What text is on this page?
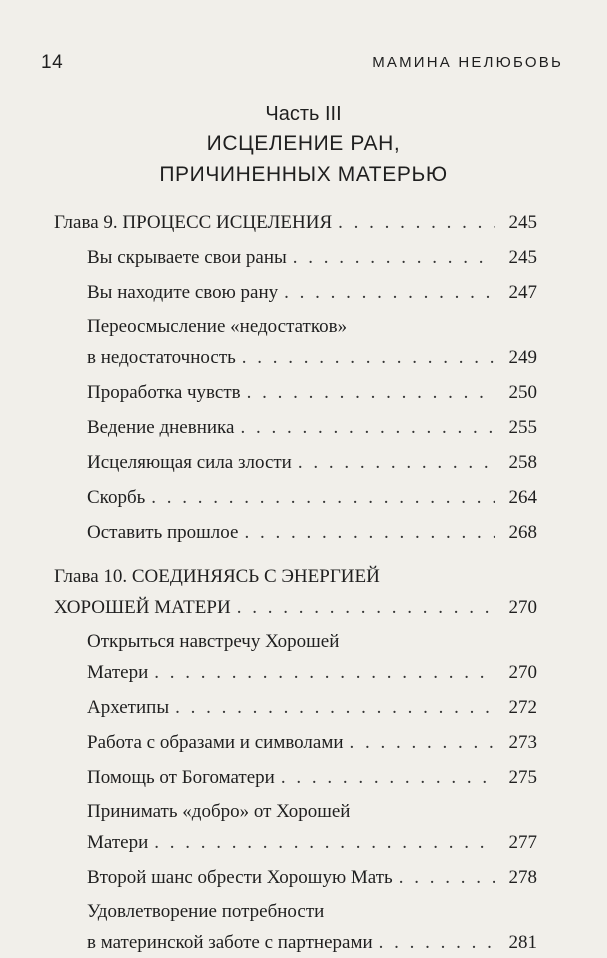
14	МАМИНА НЕЛЮБОВЬ
Часть III
ИСЦЕЛЕНИЕ РАН,
ПРИЧИНЕННЫХ МАТЕРЬЮ
Глава 9. ПРОЦЕСС ИСЦЕЛЕНИЯ . . .	245
Вы скрываете свои раны . . .	245
Вы находите свою рану . . .	247
Переосмысление «недостатков»
в недостаточность . . .	249
Проработка чувств . . .	250
Ведение дневника . . .	255
Исцеляющая сила злости . . .	258
Скорбь . . .	264
Оставить прошлое . . .	268
Глава 10. СОЕДИНЯЯСЬ С ЭНЕРГИЕЙ
ХОРОШЕЙ МАТЕРИ . . .	270
Открыться навстречу Хорошей
Матери . . .	270
Архетипы . . .	272
Работа с образами и символами . . .	273
Помощь от Богоматери . . .	275
Принимать «добро» от Хорошей
Матери . . .	277
Второй шанс обрести Хорошую Мать . . .	278
Удовлетворение потребности
в материнской заботе с партнерами . . .	281
